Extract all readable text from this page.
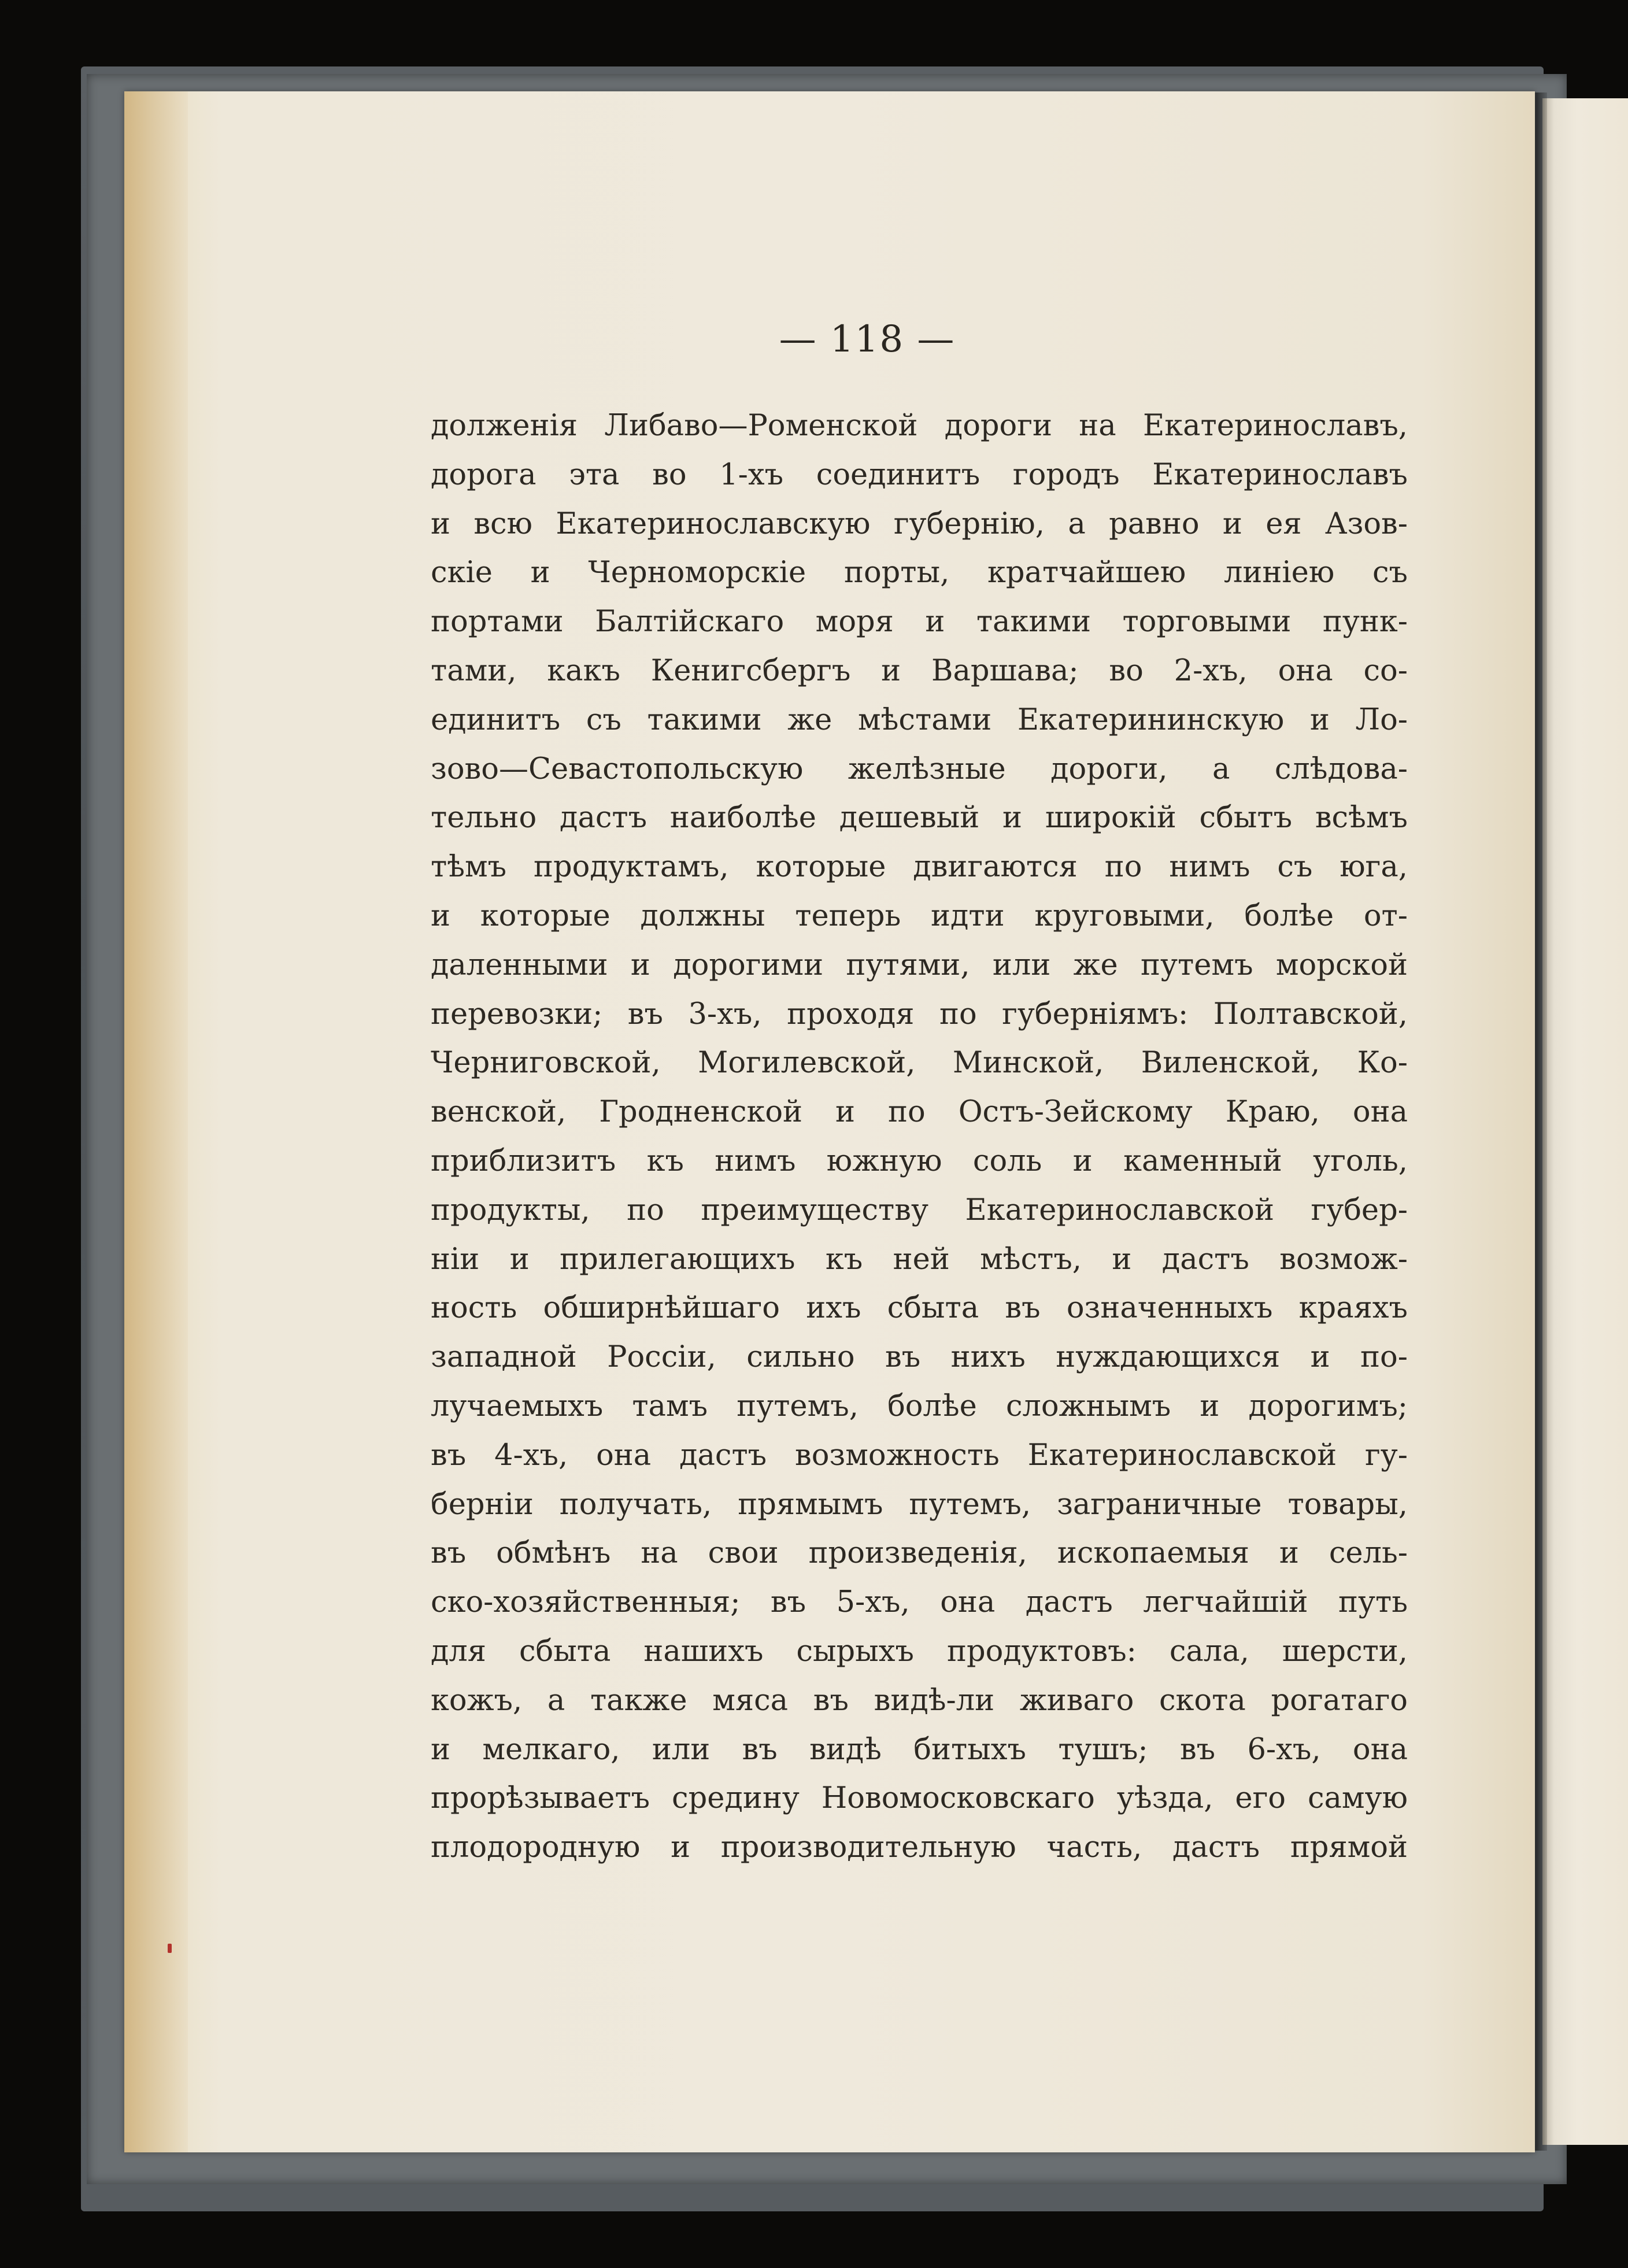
— 118 —

долженія Либаво—Роменской дороги на Екатеринославъ,
дорога эта во 1-хъ соединитъ городъ Екатеринославъ
и всю Екатеринославскую губернію, а равно и ея Азов-
скіе и Черноморскіе порты, кратчайшею линіею съ
портами Балтійскаго моря и такими торговыми пунк-
тами, какъ Кенигсбергъ и Варшава; во 2-хъ, она со-
единитъ съ такими же мѣстами Екатерининскую и Ло-
зово—Севастопольскую желѣзные дороги, а слѣдова-
тельно дастъ наиболѣе дешевый и широкій сбытъ всѣмъ
тѣмъ продуктамъ, которые двигаются по нимъ съ юга,
и которые должны теперь идти круговыми, болѣе от-
даленными и дорогими путями, или же путемъ морской
перевозки; въ 3-хъ, проходя по губерніямъ: Полтавской,
Черниговской, Могилевской, Минской, Виленской, Ко-
венской, Гродненской и по Остъ-Зейскому Краю, она
приблизитъ къ нимъ южную соль и каменный уголь,
продукты, по преимуществу Екатеринославской губер-
ніи и прилегающихъ къ ней мѣстъ, и дастъ возмож-
ность обширнѣйшаго ихъ сбыта въ означенныхъ краяхъ
западной Россіи, сильно въ нихъ нуждающихся и по-
лучаемыхъ тамъ путемъ, болѣе сложнымъ и дорогимъ;
въ 4-хъ, она дастъ возможность Екатеринославской гу-
берніи получать, прямымъ путемъ, заграничные товары,
въ обмѣнъ на свои произведенія, ископаемыя и сель-
ско-хозяйственныя; въ 5-хъ, она дастъ легчайшій путь
для сбыта нашихъ сырыхъ продуктовъ: сала, шерсти,
кожъ, а также мяса въ видѣ-ли живаго скота рогатаго
и мелкаго, или въ видѣ битыхъ тушъ; въ 6-хъ, она
прорѣзываетъ средину Новомосковскаго уѣзда, его самую
плодородную и производительную часть, дастъ прямой
